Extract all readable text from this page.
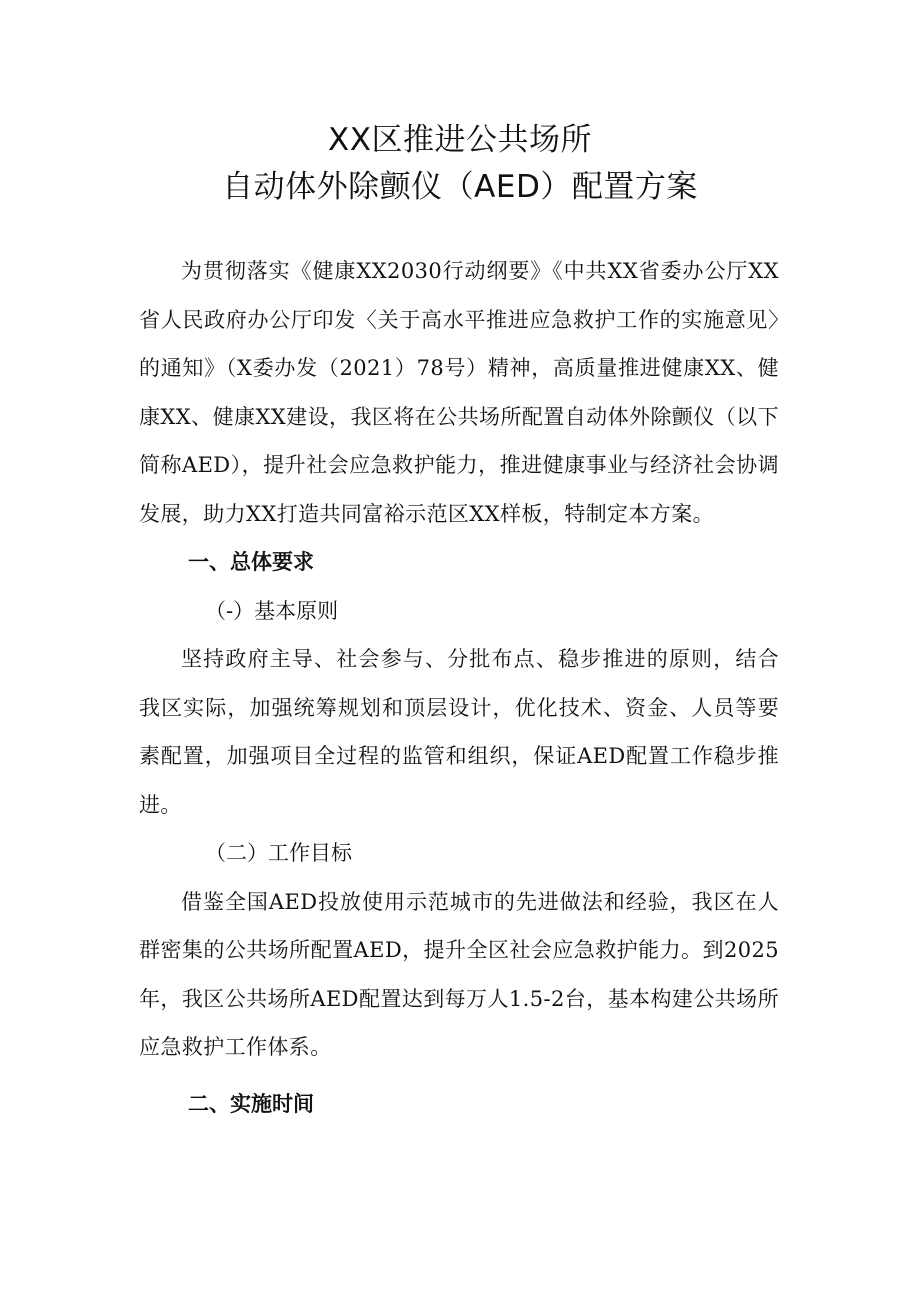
XX区推进公共场所
自动体外除颤仪（AED）配置方案

为贯彻落实《健康XX2030行动纲要》《中共XX省委办公厅XX省人民政府办公厅印发〈关于高水平推进应急救护工作的实施意见〉的通知》（X委办发（2021）78号）精神，高质量推进健康XX、健康XX、健康XX建设，我区将在公共场所配置自动体外除颤仪（以下简称AED），提升社会应急救护能力，推进健康事业与经济社会协调发展，助力XX打造共同富裕示范区XX样板，特制定本方案。

一、总体要求

（-）基本原则

坚持政府主导、社会参与、分批布点、稳步推进的原则，结合我区实际，加强统筹规划和顶层设计，优化技术、资金、人员等要素配置，加强项目全过程的监管和组织，保证AED配置工作稳步推进。

（二）工作目标

借鉴全国AED投放使用示范城市的先进做法和经验，我区在人群密集的公共场所配置AED，提升全区社会应急救护能力。到2025年，我区公共场所AED配置达到每万人1.5-2台，基本构建公共场所应急救护工作体系。

二、实施时间
